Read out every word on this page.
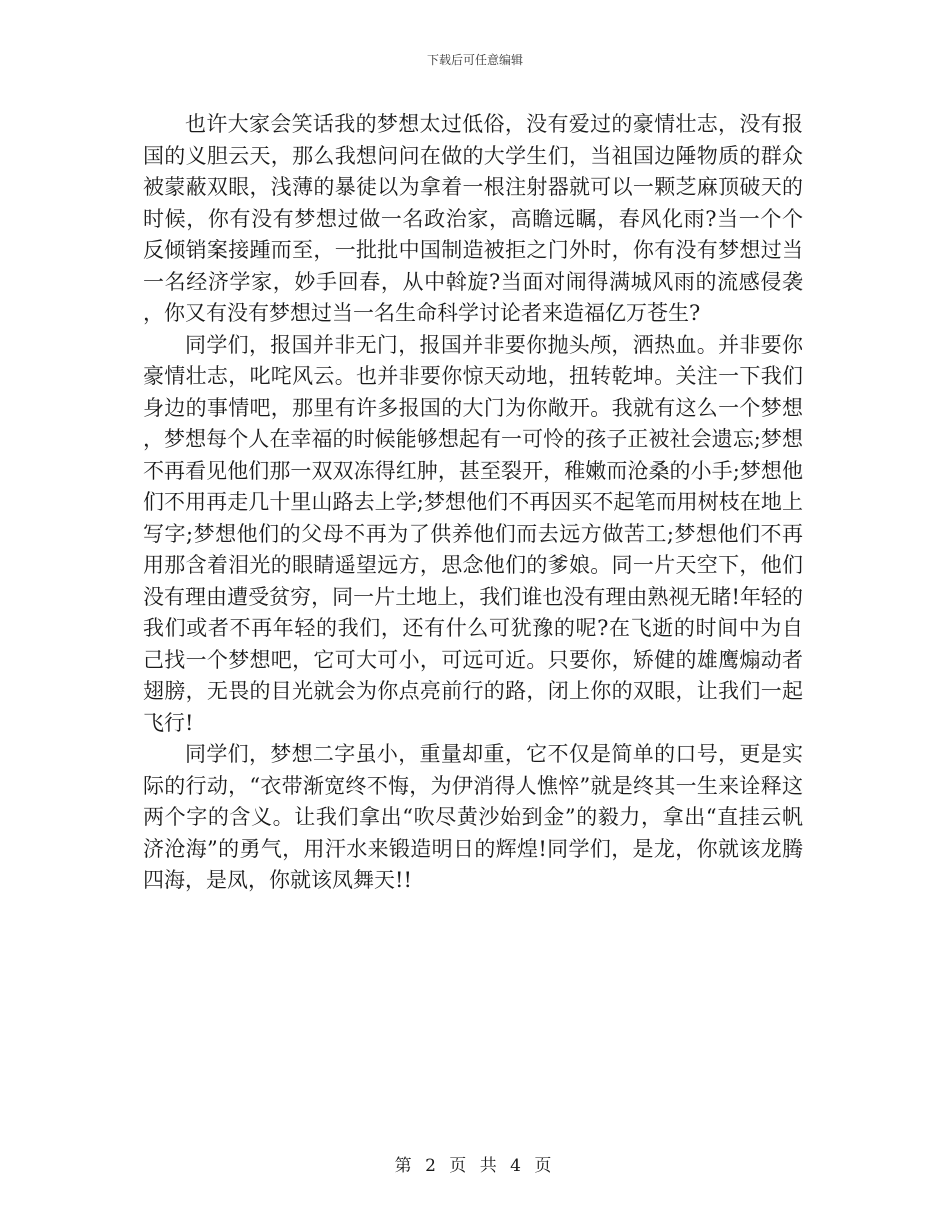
下载后可任意编辑

也许大家会笑话我的梦想太过低俗，没有爱过的豪情壮志，没有报国的义胆云天，那么我想问问在做的大学生们，当祖国边陲物质的群众被蒙蔽双眼，浅薄的暴徒以为拿着一根注射器就可以一颗芝麻顶破天的时候，你有没有梦想过做一名政治家，高瞻远瞩，春风化雨?当一个个反倾销案接踵而至，一批批中国制造被拒之门外时，你有没有梦想过当一名经济学家，妙手回春，从中斡旋?当面对闹得满城风雨的流感侵袭，你又有没有梦想过当一名生命科学讨论者来造福亿万苍生?

同学们，报国并非无门，报国并非要你抛头颅，洒热血。并非要你豪情壮志，叱咤风云。也并非要你惊天动地，扭转乾坤。关注一下我们身边的事情吧，那里有许多报国的大门为你敞开。我就有这么一个梦想，梦想每个人在幸福的时候能够想起有一可怜的孩子正被社会遗忘;梦想不再看见他们那一双双冻得红肿，甚至裂开，稚嫩而沧桑的小手;梦想他们不用再走几十里山路去上学;梦想他们不再因买不起笔而用树枝在地上写字;梦想他们的父母不再为了供养他们而去远方做苦工;梦想他们不再用那含着泪光的眼睛遥望远方，思念他们的爹娘。同一片天空下，他们没有理由遭受贫穷，同一片土地上，我们谁也没有理由熟视无睹!年轻的我们或者不再年轻的我们，还有什么可犹豫的呢?在飞逝的时间中为自己找一个梦想吧，它可大可小，可远可近。只要你，矫健的雄鹰煽动者翅膀，无畏的目光就会为你点亮前行的路，闭上你的双眼，让我们一起飞行!

同学们，梦想二字虽小，重量却重，它不仅是简单的口号，更是实际的行动，“衣带渐宽终不悔，为伊消得人憔悴”就是终其一生来诠释这两个字的含义。让我们拿出“吹尽黄沙始到金”的毅力，拿出“直挂云帆济沧海”的勇气，用汗水来锻造明日的辉煌!同学们，是龙，你就该龙腾四海，是凤，你就该凤舞天!!

第 2 页 共 4 页
